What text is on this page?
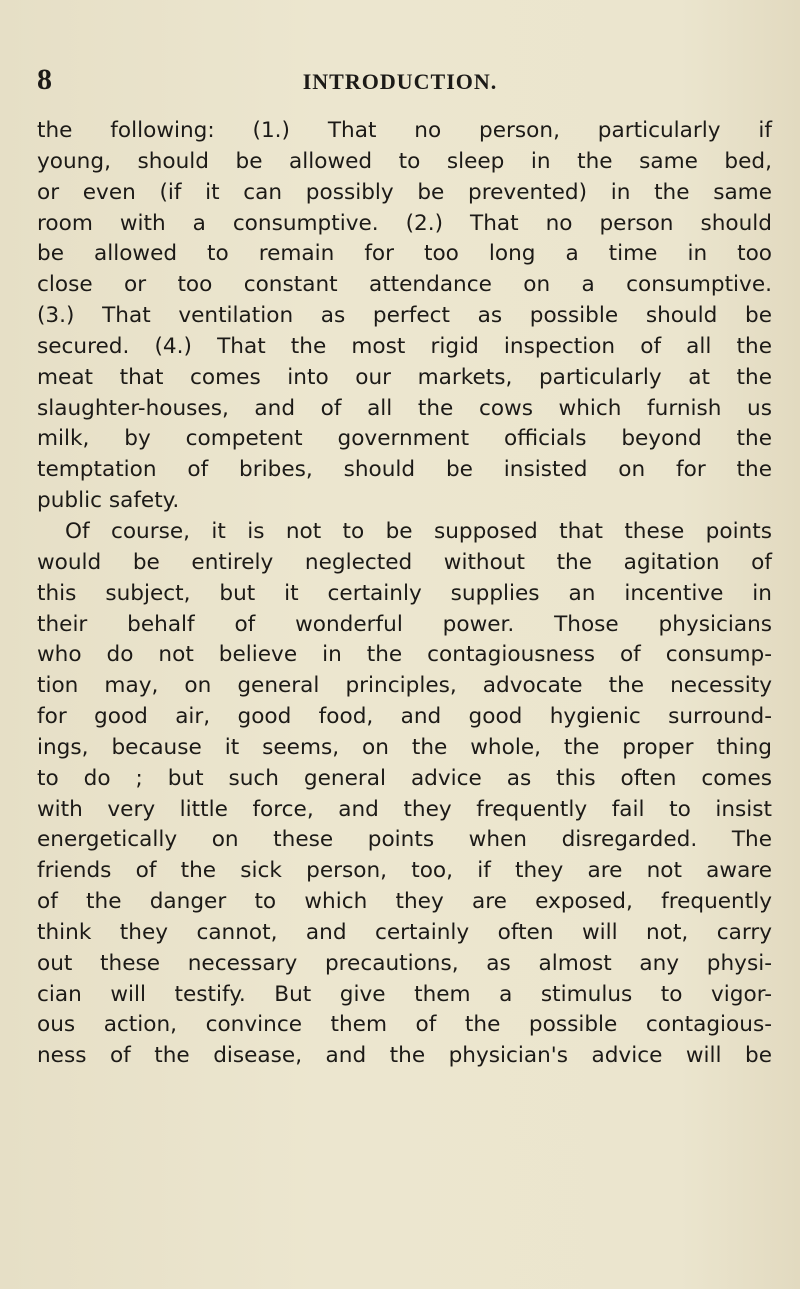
8	INTRODUCTION.
the following: (1.) That no person, particularly if
young, should be allowed to sleep in the same bed,
or even (if it can possibly be prevented) in the same
room with a consumptive. (2.) That no person should
be allowed to remain for too long a time in too
close or too constant attendance on a consumptive.
(3.) That ventilation as perfect as possible should be
secured. (4.) That the most rigid inspection of all the
meat that comes into our markets, particularly at the
slaughter-houses, and of all the cows which furnish us
milk, by competent government officials beyond the
temptation of bribes, should be insisted on for the
public safety.
Of course, it is not to be supposed that these points
would be entirely neglected without the agitation of
this subject, but it certainly supplies an incentive in
their behalf of wonderful power. Those physicians
who do not believe in the contagiousness of consump-
tion may, on general principles, advocate the necessity
for good air, good food, and good hygienic surround-
ings, because it seems, on the whole, the proper thing
to do ; but such general advice as this often comes
with very little force, and they frequently fail to insist
energetically on these points when disregarded. The
friends of the sick person, too, if they are not aware
of the danger to which they are exposed, frequently
think they cannot, and certainly often will not, carry
out these necessary precautions, as almost any physi-
cian will testify. But give them a stimulus to vigor-
ous action, convince them of the possible contagious-
ness of the disease, and the physician's advice will be
